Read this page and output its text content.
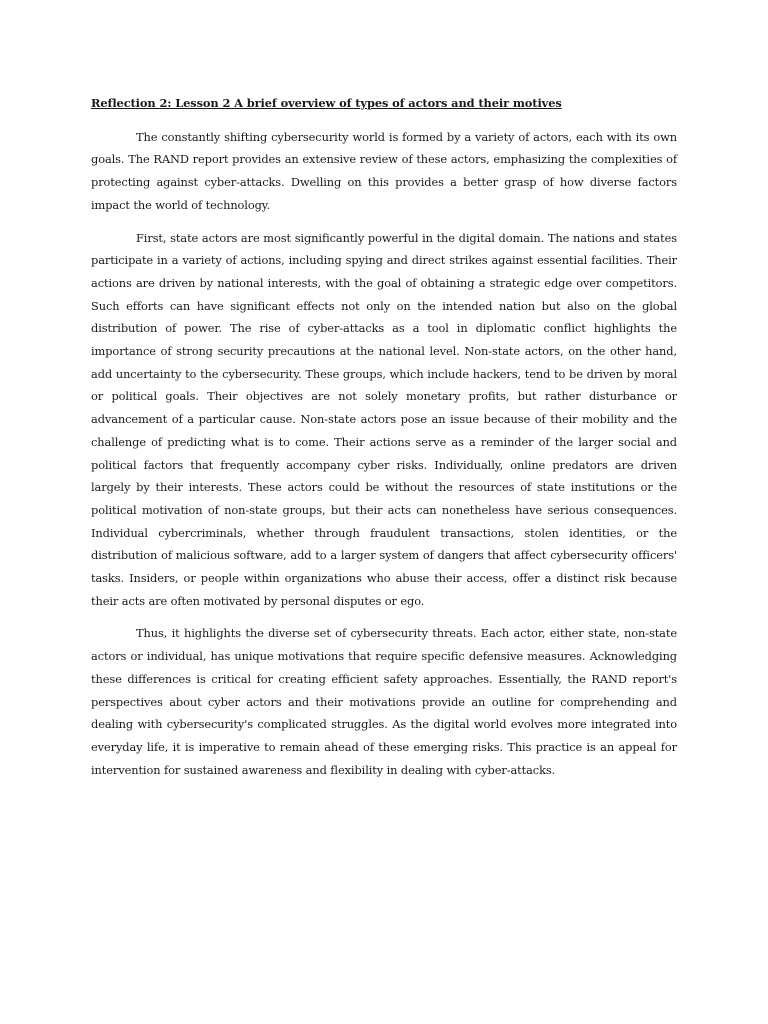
Reflection 2: Lesson 2 A brief overview of types of actors and their motives

The constantly shifting cybersecurity world is formed by a variety of actors, each with its own goals. The RAND report provides an extensive review of these actors, emphasizing the complexities of protecting against cyber-attacks. Dwelling on this provides a better grasp of how diverse factors impact the world of technology.

First, state actors are most significantly powerful in the digital domain. The nations and states participate in a variety of actions, including spying and direct strikes against essential facilities. Their actions are driven by national interests, with the goal of obtaining a strategic edge over competitors. Such efforts can have significant effects not only on the intended nation but also on the global distribution of power. The rise of cyber-attacks as a tool in diplomatic conflict highlights the importance of strong security precautions at the national level. Non-state actors, on the other hand, add uncertainty to the cybersecurity. These groups, which include hackers, tend to be driven by moral or political goals. Their objectives are not solely monetary profits, but rather disturbance or advancement of a particular cause. Non-state actors pose an issue because of their mobility and the challenge of predicting what is to come. Their actions serve as a reminder of the larger social and political factors that frequently accompany cyber risks. Individually, online predators are driven largely by their interests. These actors could be without the resources of state institutions or the political motivation of non-state groups, but their acts can nonetheless have serious consequences. Individual cybercriminals, whether through fraudulent transactions, stolen identities, or the distribution of malicious software, add to a larger system of dangers that affect cybersecurity officers' tasks. Insiders, or people within organizations who abuse their access, offer a distinct risk because their acts are often motivated by personal disputes or ego.

Thus, it highlights the diverse set of cybersecurity threats. Each actor, either state, non-state actors or individual, has unique motivations that require specific defensive measures. Acknowledging these differences is critical for creating efficient safety approaches. Essentially, the RAND report's perspectives about cyber actors and their motivations provide an outline for comprehending and dealing with cybersecurity's complicated struggles. As the digital world evolves more integrated into everyday life, it is imperative to remain ahead of these emerging risks. This practice is an appeal for intervention for sustained awareness and flexibility in dealing with cyber-attacks.
